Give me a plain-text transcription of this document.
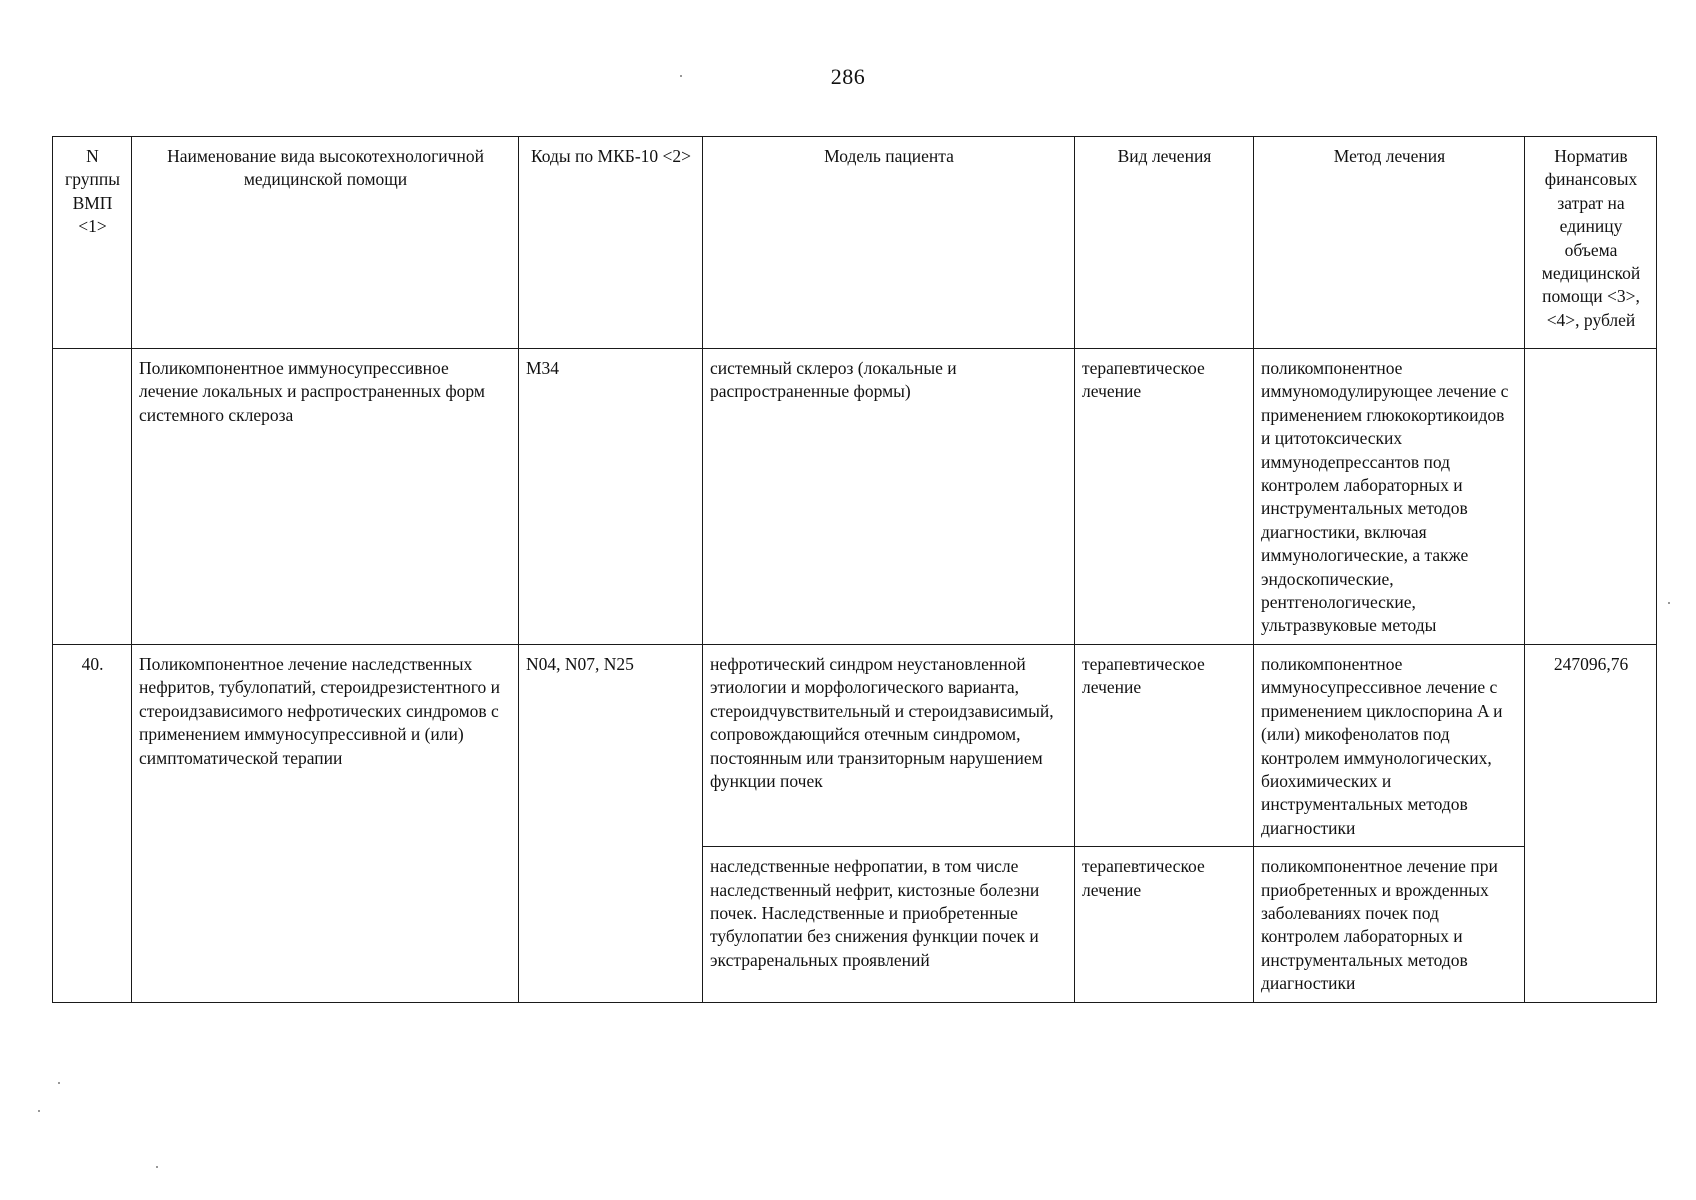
286
N группы ВМП <1>	Наименование вида высокотехнологичной медицинской помощи	Коды по МКБ-10 <2>	Модель пациента	Вид лечения	Метод лечения	Норматив финансовых затрат на единицу объема медицинской помощи <3>, <4>, рублей
	Поликомпонентное иммуносупрессивное лечение локальных и распространенных форм системного склероза	M34	системный склероз (локальные и распространенные формы)	терапевтическое лечение	поликомпонентное иммуномодулирующее лечение с применением глюкокортикоидов и цитотоксических иммунодепрессантов под контролем лабораторных и инструментальных методов диагностики, включая иммунологические, а также эндоскопические, рентгенологические, ультразвуковые методы	
40.	Поликомпонентное лечение наследственных нефритов, тубулопатий, стероидрезистентного и стероидзависимого нефротических синдромов с применением иммуносупрессивной и (или) симптоматической терапии	N04, N07, N25	нефротический синдром неустановленной этиологии и морфологического варианта, стероидчувствительный и стероидзависимый, сопровождающийся отечным синдромом, постоянным или транзиторным нарушением функции почек	терапевтическое лечение	поликомпонентное иммуносупрессивное лечение с применением циклоспорина A и (или) микофенолатов под контролем иммунологических, биохимических и инструментальных методов диагностики	247096,76
			наследственные нефропатии, в том числе наследственный нефрит, кистозные болезни почек. Наследственные и приобретенные тубулопатии без снижения функции почек и экстраренальных проявлений	терапевтическое лечение	поликомпонентное лечение при приобретенных и врожденных заболеваниях почек под контролем лабораторных и инструментальных методов диагностики	
